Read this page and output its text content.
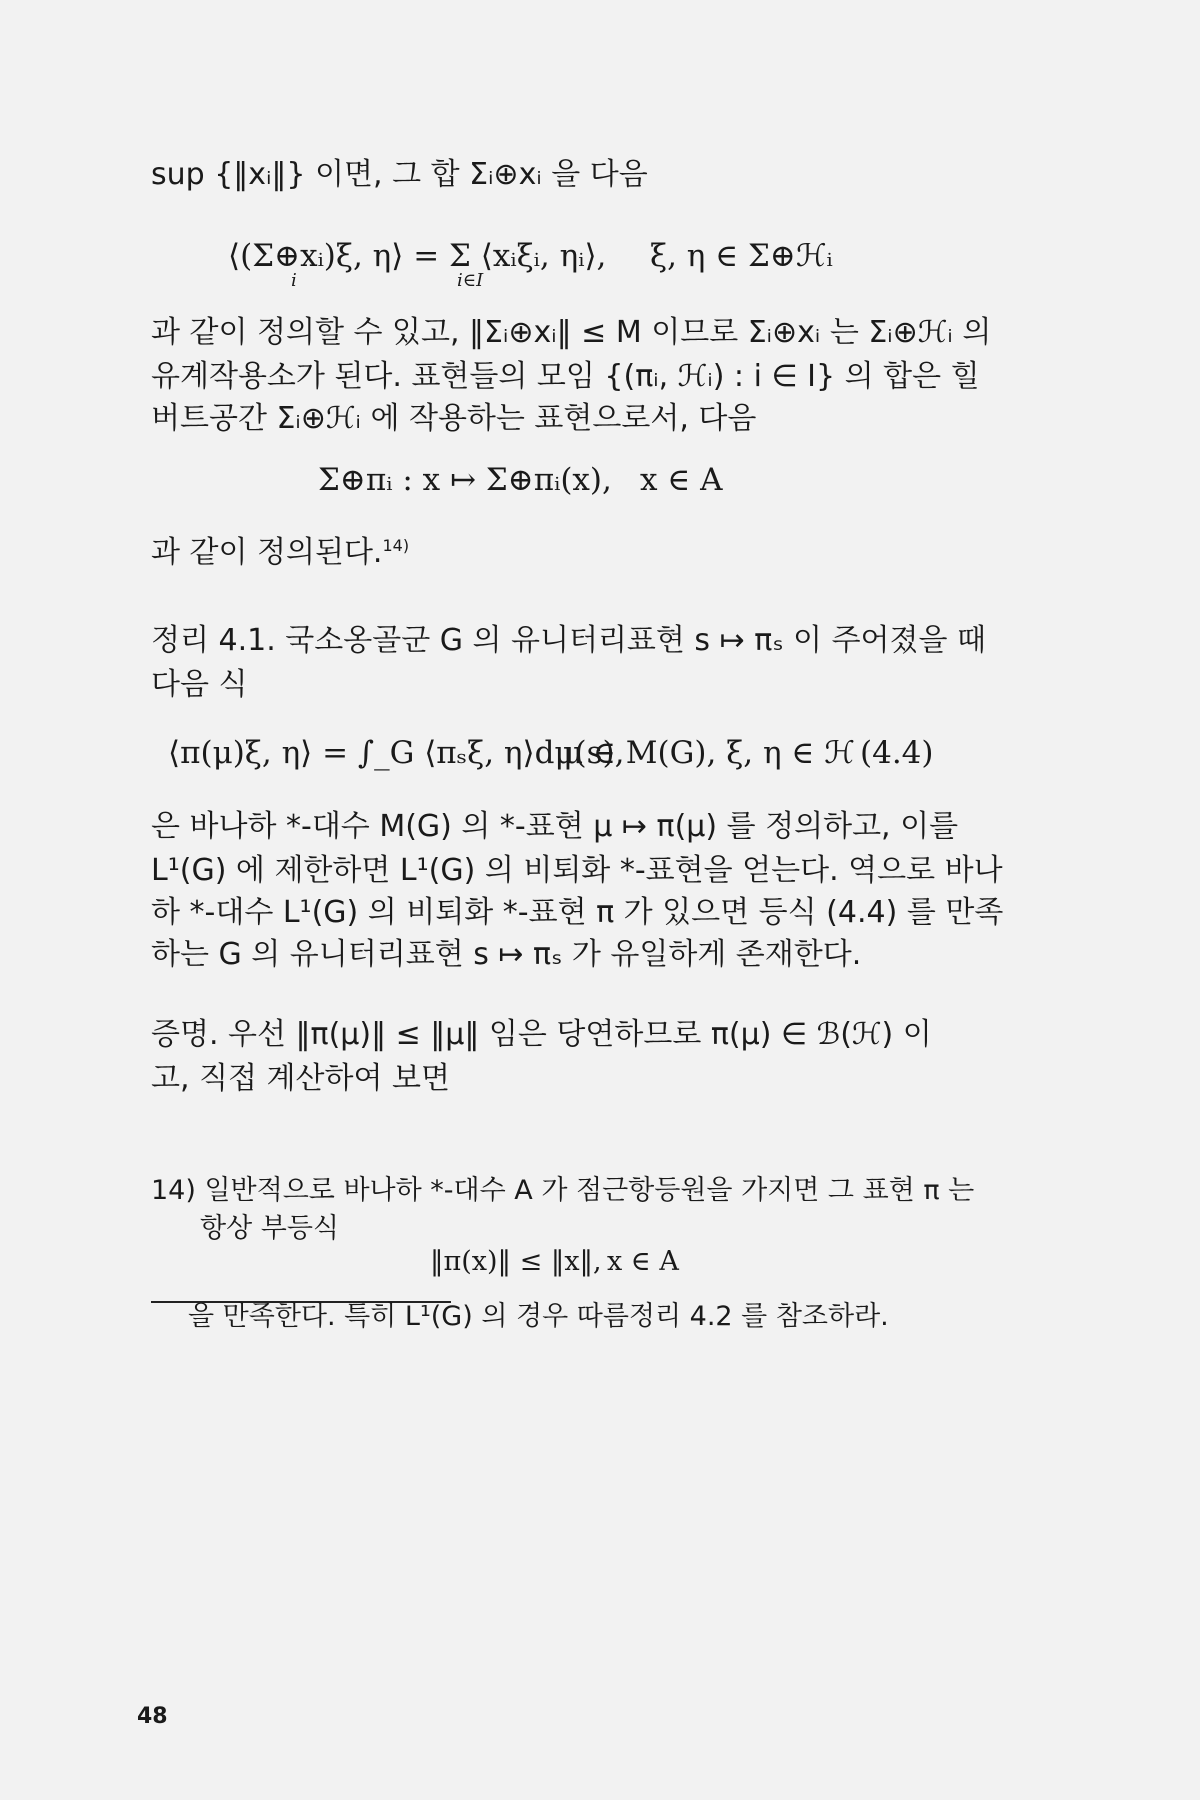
sup {‖xᵢ‖} 이면, 그 합 Σᵢ⊕xᵢ 을 다음
⟨(Σ⊕xᵢ)ξ, η⟩ = Σ ⟨xᵢξᵢ, ηᵢ⟩,
i	i∈I
ξ, η ∈ Σ⊕ℋᵢ
과 같이 정의할 수 있고, ‖Σᵢ⊕xᵢ‖ ≤ M 이므로 Σᵢ⊕xᵢ 는 Σᵢ⊕ℋᵢ 의
유계작용소가 된다. 표현들의 모임 {(πᵢ, ℋᵢ) : i ∈ I} 의 합은 힐
버트공간 Σᵢ⊕ℋᵢ 에 작용하는 표현으로서, 다음
Σ⊕πᵢ : x ↦ Σ⊕πᵢ(x), x ∈ A
과 같이 정의된다.$^{14)}$
정리 4.1. 국소옹골군 G 의 유니터리표현 s ↦ πₛ 이 주어졌을 때
다음 식
⟨π(μ)ξ, η⟩ = ∫_G ⟨πₛξ, η⟩dμ(s),
μ ∈ M(G), ξ, η ∈ ℋ (4.4)
은 바나하 *-대수 M(G) 의 *-표현 μ ↦ π(μ) 를 정의하고, 이를
L¹(G) 에 제한하면 L¹(G) 의 비퇴화 *-표현을 얻는다. 역으로 바나
하 *-대수 L¹(G) 의 비퇴화 *-표현 π 가 있으면 등식 (4.4) 를 만족
하는 G 의 유니터리표현 s ↦ πₛ 가 유일하게 존재한다.
증명. 우선 ‖π(μ)‖ ≤ ‖μ‖ 임은 당연하므로 π(μ) ∈ ℬ(ℋ) 이
고, 직접 계산하여 보면
14) 일반적으로 바나하 *-대수 A 가 점근항등원을 가지면 그 표현 π 는
항상 부등식
‖π(x)‖ ≤ ‖x‖, x ∈ A
을 만족한다. 특히 L¹(G) 의 경우 따름정리 4.2 를 참조하라.
48
